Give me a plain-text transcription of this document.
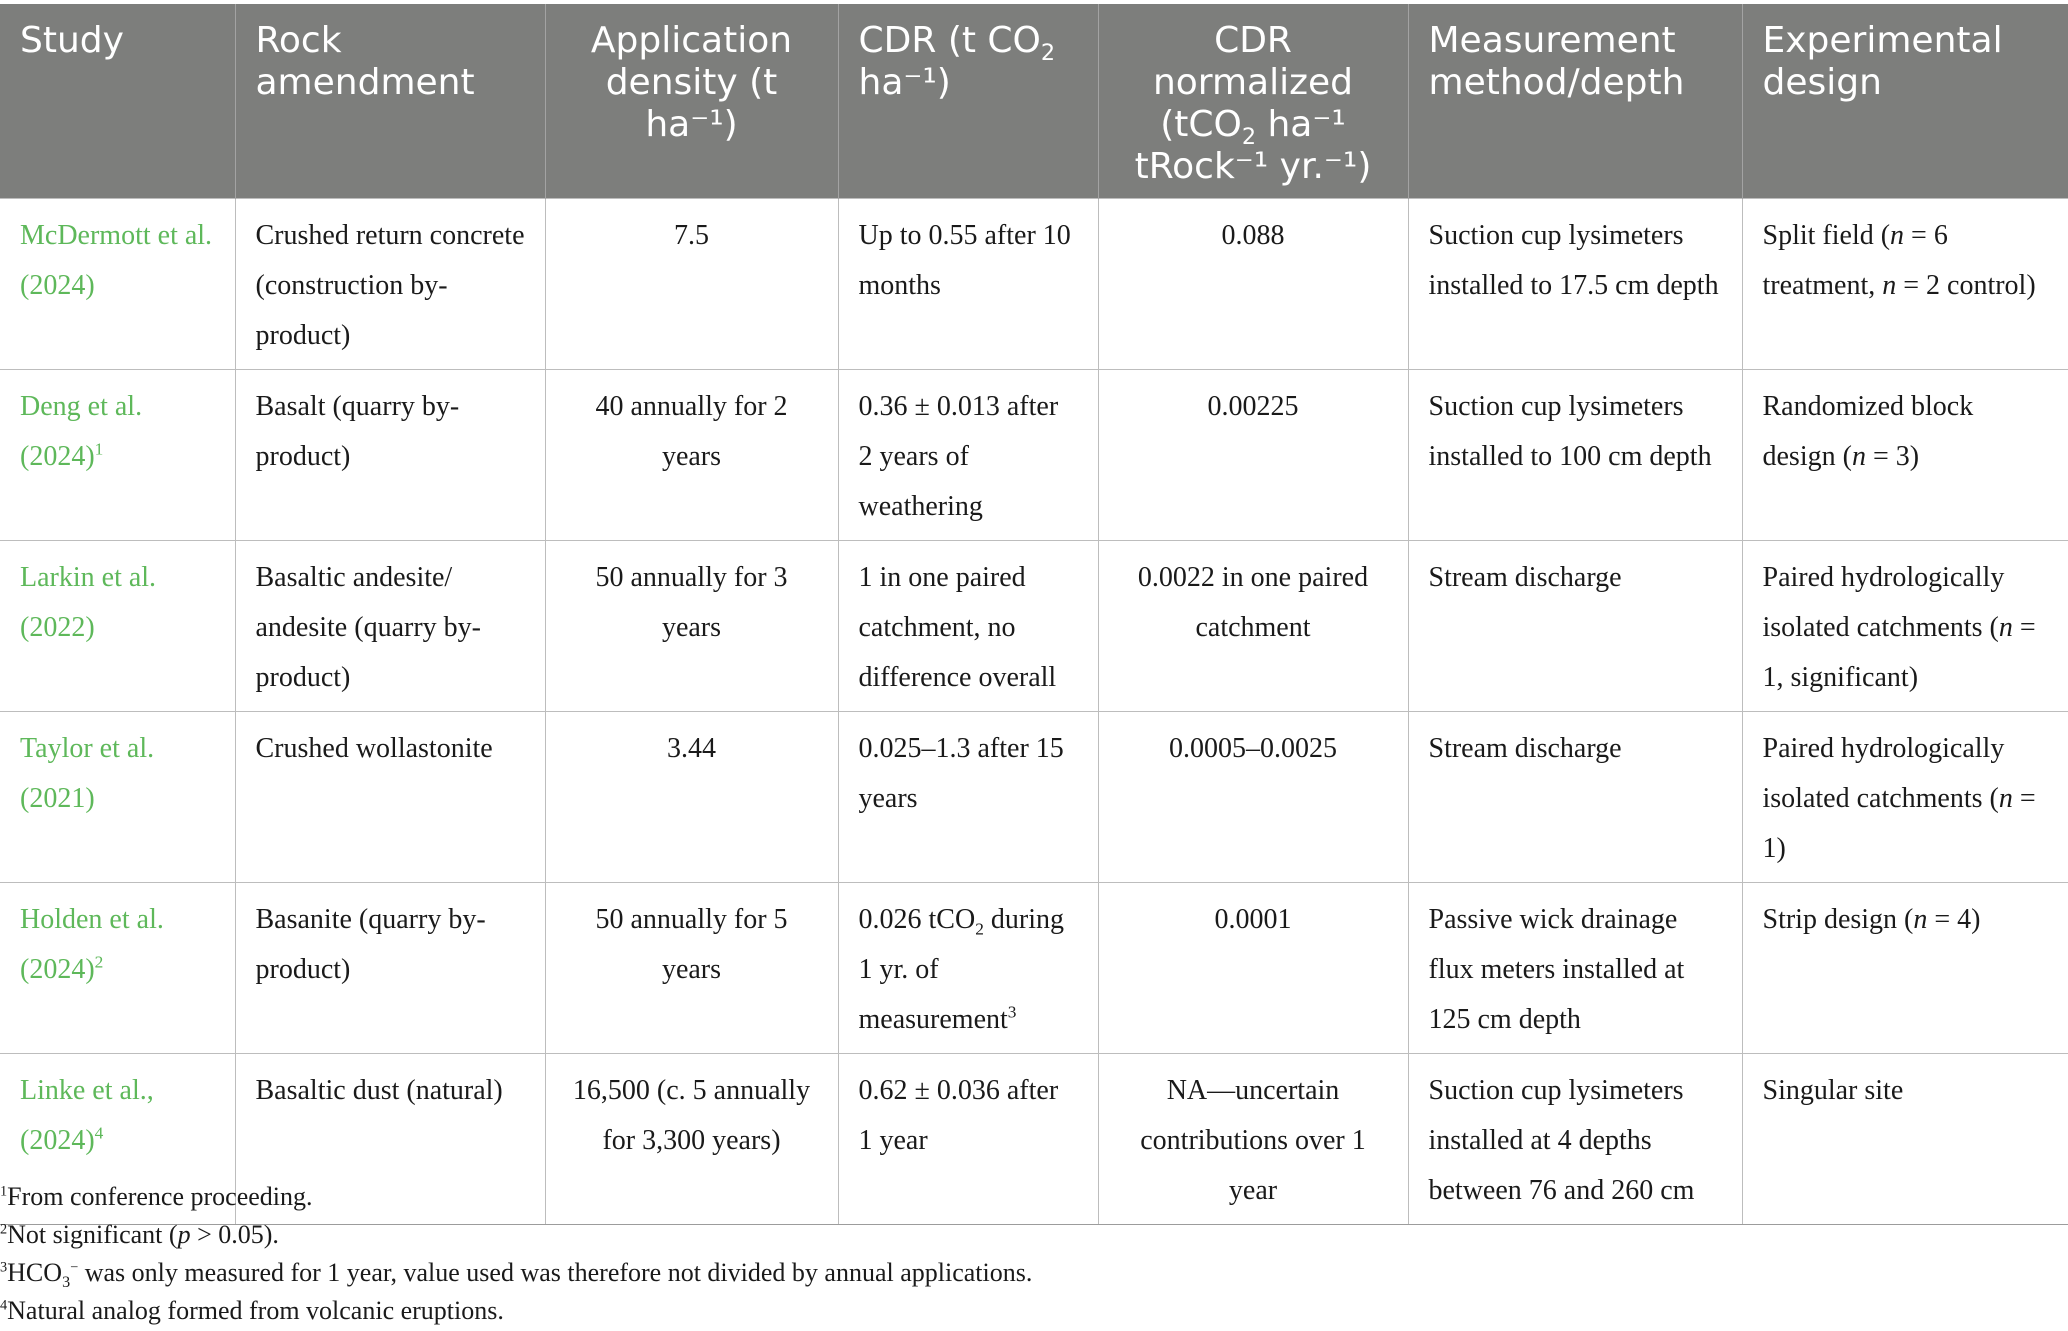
Study	Rock amendment	Application density (t ha⁻¹)	CDR (t $CO_2$ ha⁻¹)	CDR normalized (tCO$_2$ ha⁻¹ tRock⁻¹ yr.⁻¹)	Measurement method/depth	Experimental design
McDermott et al. (2024)	Crushed return concrete (construction by-product)	7.5	Up to 0.55 after 10 months	0.088	Suction cup lysimeters installed to 17.5 cm depth	Split field (n = 6 treatment, n = 2 control)
Deng et al. $(2024)^1$	Basalt (quarry by-product)	40 annually for 2 years	0.36 ± 0.013 after 2 years of weathering	0.00225	Suction cup lysimeters installed to 100 cm depth	Randomized block design (n = 3)
Larkin et al. (2022)	Basaltic andesite/ andesite (quarry by-product)	50 annually for 3 years	1 in one paired catchment, no difference overall	0.0022 in one paired catchment	Stream discharge	Paired hydrologically isolated catchments (n = 1, significant)
Taylor et al. (2021)	Crushed wollastonite	3.44	0.025–1.3 after 15 years	0.0005–0.0025	Stream discharge	Paired hydrologically isolated catchments (n = 1)
Holden et al. $(2024)^2$	Basanite (quarry by-product)	50 annually for 5 years	0.026 tCO$_2$ during 1 yr. of measurement$^3$	0.0001	Passive wick drainage flux meters installed at 125 cm depth	Strip design (n = 4)
Linke et al., $(2024)^4$	Basaltic dust (natural)	16,500 (c. 5 annually for 3,300 years)	0.62 ± 0.036 after 1 year	NA—uncertain contributions over 1 year	Suction cup lysimeters installed at 4 depths between 76 and 260 cm	Singular site
$^1$From conference proceeding.
$^2$Not significant (p > 0.05).
$^3HCO_3^-$ was only measured for 1 year, value used was therefore not divided by annual applications.
$^4$Natural analog formed from volcanic eruptions.
